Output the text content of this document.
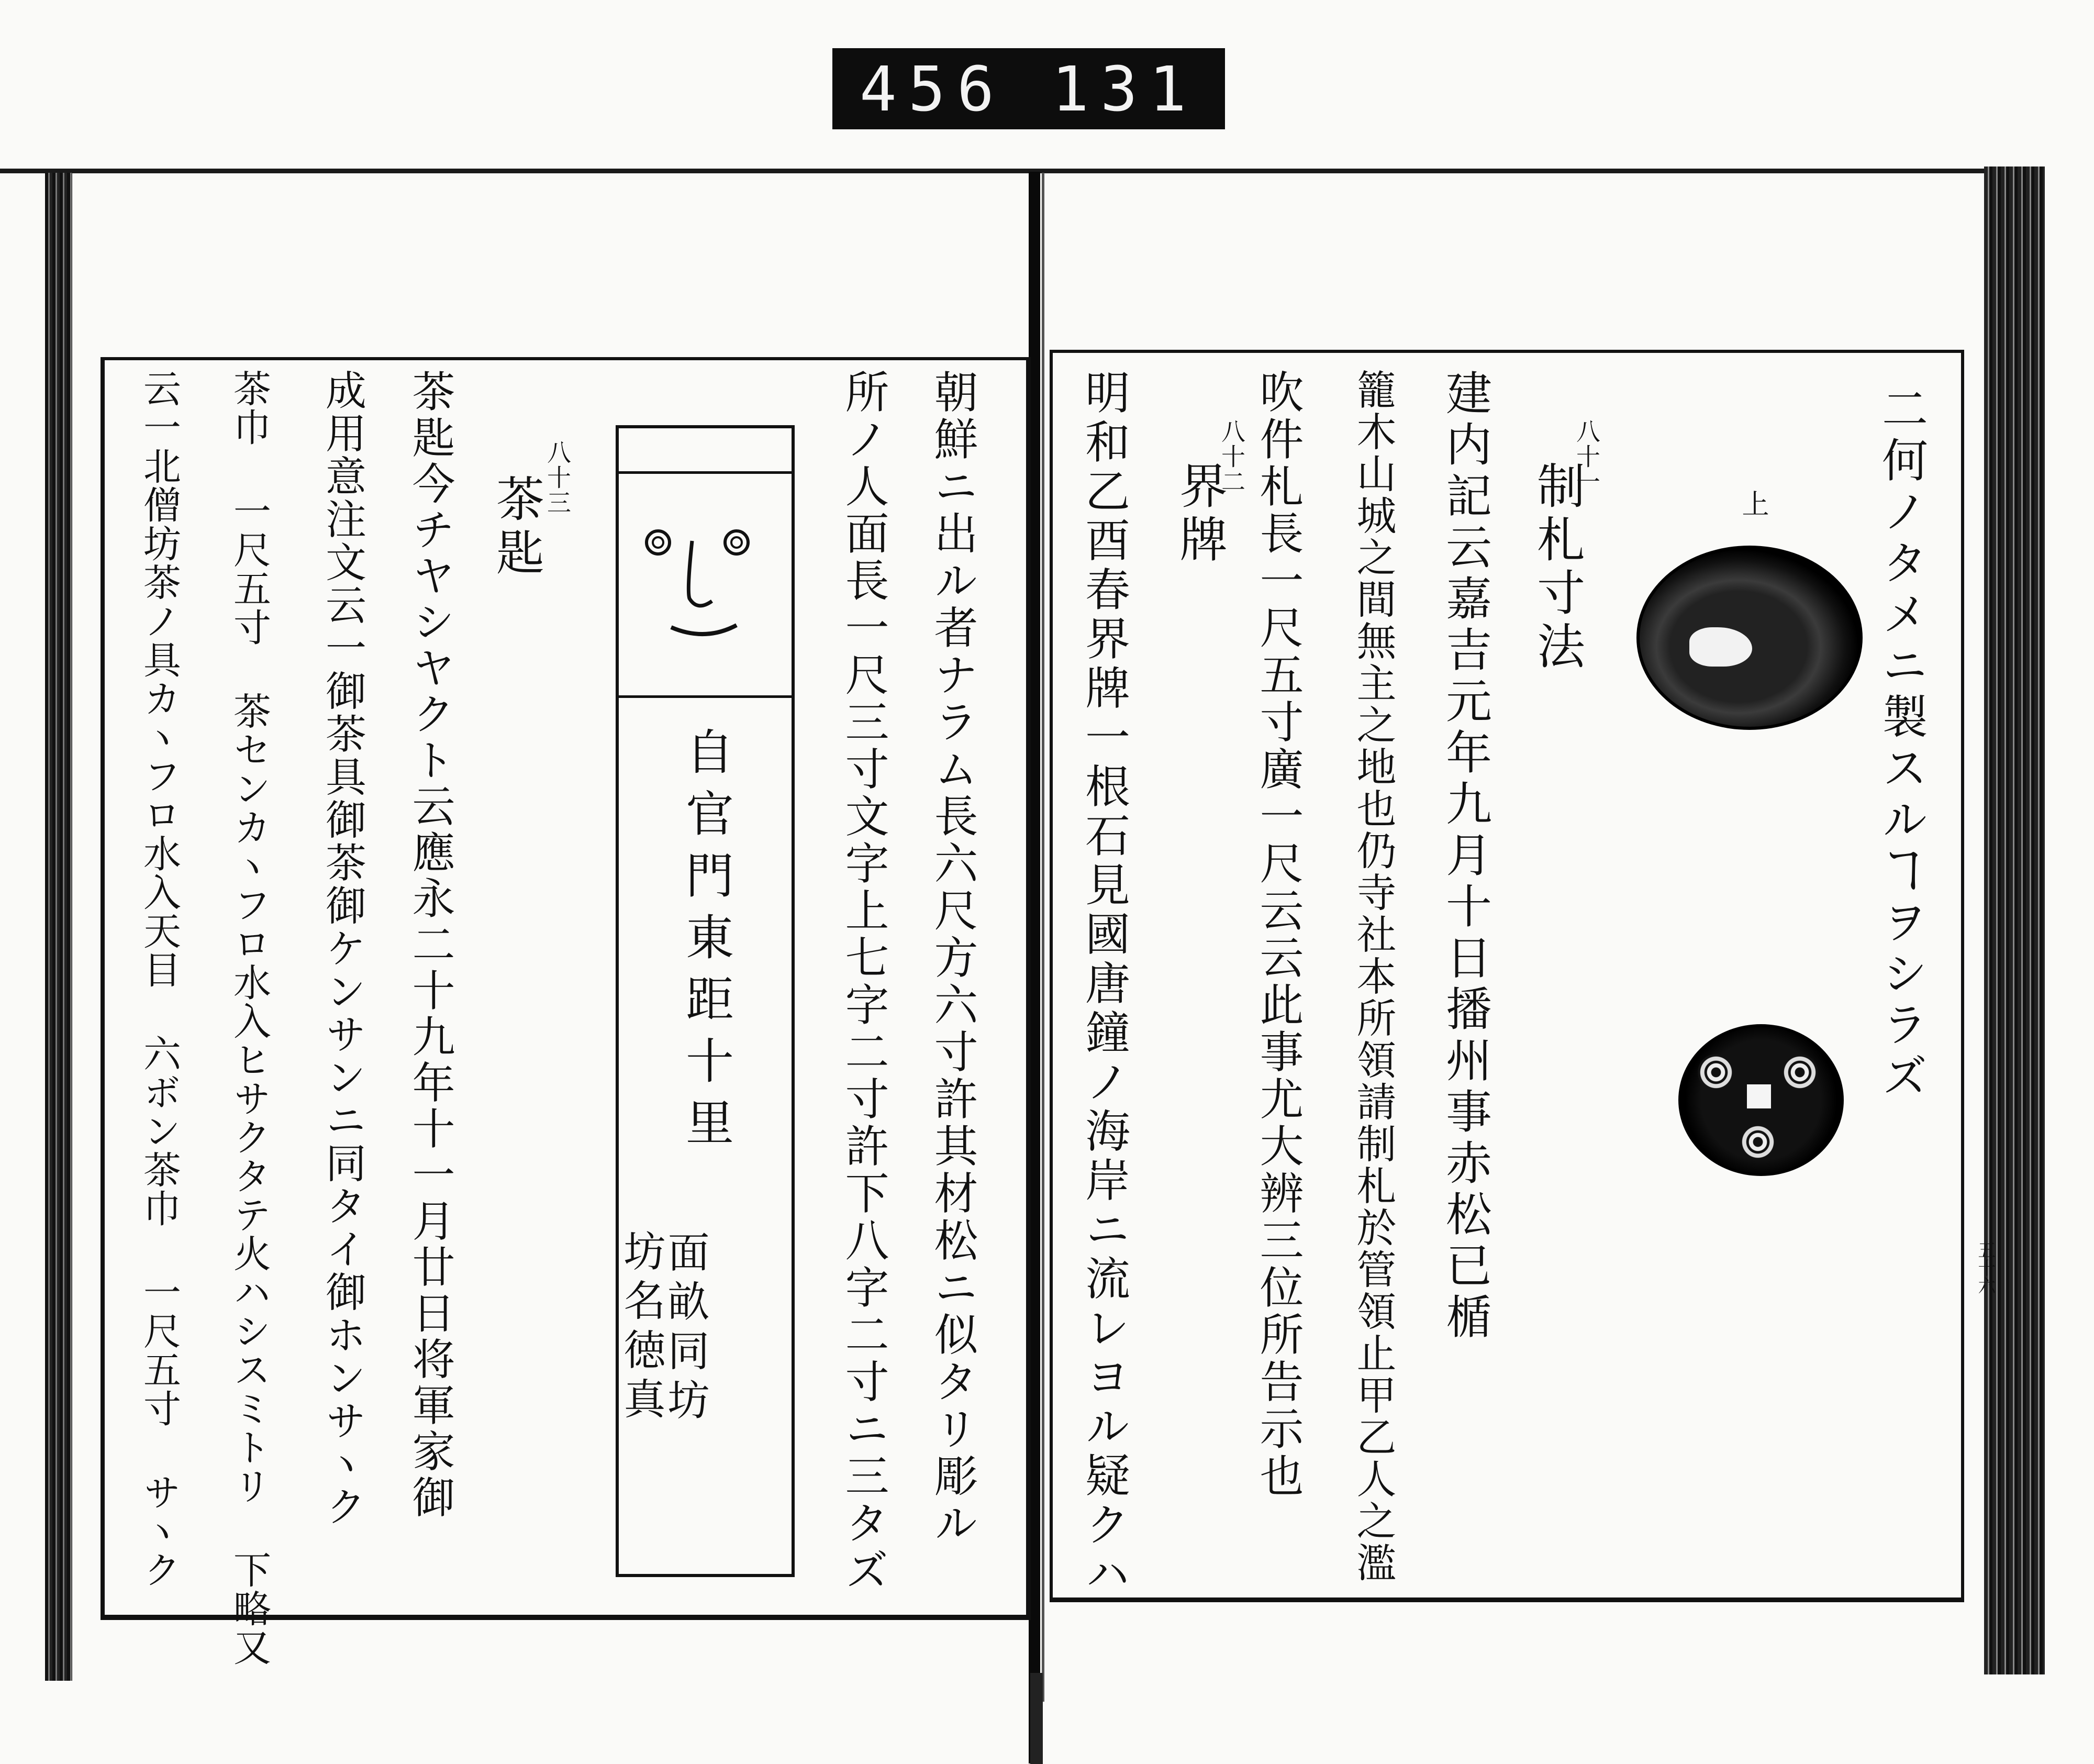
456 131
二何ノタメニ製スルヿヲシラズ
上
五十六
八十一
制札寸法
建内記云嘉吉元年九月十日播州事赤松已楯
籠木山城之間無主之地也仍寺社本所領請制札於管領止甲乙人之濫
吹件札長一尺五寸廣一尺云云此事尤大辨三位所告示也
八十二
界牌
明和乙酉春界牌一根石見國唐鐘ノ海岸ニ流レヨル疑クハ
朝鮮ニ出ル者ナラム長六尺方六寸許其材松ニ似タリ彫ル
所ノ人面長一尺三寸文字上七字二寸許下八字二寸ニ三タズ
自官門東距十里
坊名徳真
面畝同坊
八十三
茶匙
茶匙今チヤシヤクト云應永二十九年十一月廿日将軍家御
成用意注文云一御茶具御茶御ケンサンニ同タイ御ホンサヽク
茶巾 一尺五寸 茶センカヽフロ水入ヒサクタテ火ハシスミトリ 下略又
云一北僧坊茶ノ具カヽフロ水入天目 六ボン茶巾 一尺五寸 サヽク
